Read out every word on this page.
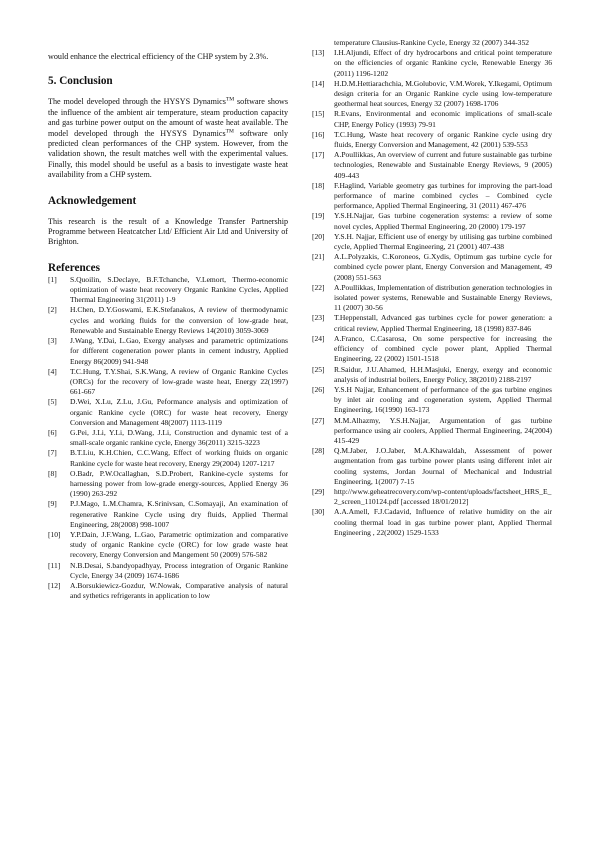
would enhance the electrical efficiency of the CHP system by 2.3%.

5. Conclusion

The model developed through the HYSYS Dynamics™ software shows the influence of the ambient air temperature, steam production capacity and gas turbine power output on the amount of waste heat available. The model developed through the HYSYS Dynamics™ software only predicted clean performances of the CHP system. However, from the validation shown, the result matches well with the experimental values. Finally, this model should be useful as a basis to investigate waste heat availability from a CHP system.

Acknowledgement

This research is the result of a Knowledge Transfer Partnership Programme between Heatcatcher Ltd/ Efficient Air Ltd and University of Brighton.

References

[1]	S.Quoilin, S.Declaye, B.F.Tchanche, V.Lemort, Thermo-economic optimization of waste heat recovery Organic Rankine Cycles, Applied Thermal Engineering 31(2011) 1-9
[2]	H.Chen, D.Y.Goswami, E.K.Stefanakos, A review of thermodynamic cycles and working fluids for the conversion of low-grade heat, Renewable and Sustainable Energy Reviews 14(2010) 3059-3069
[3]	J.Wang, Y.Dai, L.Gao, Exergy analyses and parametric optimizations for different cogeneration power plants in cement industry, Applied Energy 86(2009) 941-948
[4]	T.C.Hung, T.Y.Shai, S.K.Wang, A review of Organic Rankine Cycles (ORCs) for the recovery of low-grade waste heat, Energy 22(1997) 661-667
[5]	D.Wei, X.Lu, Z.Lu, J.Gu, Peformance analysis and optimization of organic Rankine cycle (ORC) for waste heat recovery, Energy Conversion and Management 48(2007) 1113-1119
[6]	G.Pei, J.Li, Y.Li, D.Wang, J.Li, Construction and dynamic test of a small-scale organic rankine cycle, Energy 36(2011) 3215-3223
[7]	B.T.Liu, K.H.Chien, C.C.Wang, Effect of working fluids on organic Rankine cycle for waste heat recovery, Energy 29(2004) 1207-1217
[8]	O.Badr, P.W.Ocallaghan, S.D.Probert, Rankine-cycle systems for harnessing power from low-grade energy-sources, Applied Energy 36 (1990) 263-292
[9]	P.J.Mago, L.M.Chamra, K.Srinivsan, C.Somayaji, An examination of regenerative Rankine Cycle using dry fluids, Applied Thermal Engineering, 28(2008) 998-1007
[10]	Y.P.Dain, J.F.Wang, L.Gao, Parametric optimization and comparative study of organic Rankine cycle (ORC) for low grade waste heat recovery, Energy Conversion and Mangement 50 (2009) 576-582
[11]	N.B.Desai, S.bandyopadhyay, Process integration of Organic Rankine Cycle, Energy 34 (2009) 1674-1686
[12]	A.Borsukiewicz-Gozdur, W.Nowak, Comparative analysis of natural and sythetics refrigerants in application to low
temperature Clausius-Rankine Cycle, Energy 32 (2007) 344-352
[13]	I.H.Aljundi, Effect of dry hydrocarbons and critical point temperature on the efficiencies of organic Rankine cycle, Renewable Energy 36 (2011) 1196-1202
[14]	H.D.M.Hettiarachchia, M.Golubovic, V.M.Worek, Y.Ikegami, Optimum design criteria for an Organic Rankine cycle using low-temperature geothermal heat sources, Energy 32 (2007) 1698-1706
[15]	R.Evans, Environmental and economic implications of small-scale CHP, Energy Policy (1993) 79-91
[16]	T.C.Hung, Waste heat recovery of organic Rankine cycle using dry fluids, Energy Conversion and Management, 42 (2001) 539-553
[17]	A.Poullikkas, An overview of current and future sustainable gas turbine technologies, Renewable and Sustainable Energy Reviews, 9 (2005) 409-443
[18]	F.Haglind, Variable geometry gas turbines for improving the part-load performance of marine combined cycles – Combined cycle performance, Applied Thermal Engineering, 31 (2011) 467-476
[19]	Y.S.H.Najjar, Gas turbine cogeneration systems: a review of some novel cycles, Applied Thermal Engineering, 20 (2000) 179-197
[20]	Y.S.H. Najjar, Efficient use of energy by utilising gas turbine combined cycle, Applied Thermal Engineering, 21 (2001) 407-438
[21]	A.L.Polyzakis, C.Koroneos, G.Xydis, Optimum gas turbine cycle for combined cycle power plant, Energy Conversion and Management, 49 (2008) 551-563
[22]	A.Poullikkas, Implementation of distribution generation technologies in isolated power systems, Renewable and Sustainable Energy Reviews, 11 (2007) 30-56
[23]	T.Heppenstall, Advanced gas turbines cycle for power generation: a critical review, Applied Thermal Engineering, 18 (1998) 837-846
[24]	A.Franco, C.Casarosa, On some perspective for increasing the efficiency of combined cycle power plant, Applied Thermal Engineering, 22 (2002) 1501-1518
[25]	R.Saidur, J.U.Ahamed, H.H.Masjuki, Energy, exergy and economic analysis of industrial boilers, Energy Policy, 38(2010) 2188-2197
[26]	Y.S.H Najjar, Enhancement of performance of the gas turbine engines by inlet air cooling and cogeneration system, Applied Thermal Engineering, 16(1990) 163-173
[27]	M.M.Alhazmy, Y.S.H.Najjar, Argumentation of gas turbine performance using air coolers, Applied Thermal Engineering, 24(2004) 415-429
[28]	Q.M.Jaber, J.O.Jaber, M.A.Khawaldah, Assessment of power augmentation from gas turbine power plants using different inlet air cooling systems, Jordan Journal of Mechanical and Industrial Engineering, 1(2007) 7-15
[29]	http://www.geheatrecovery.com/wp-content/uploads/factsheet_HRS_E_2_screen_110124.pdf [accessed 18/01/2012]
[30]	A.A.Amell, F.J.Cadavid, Influence of relative humidity on the air cooling thermal load in gas turbine power plant, Applied Thermal Engineering , 22(2002) 1529-1533
